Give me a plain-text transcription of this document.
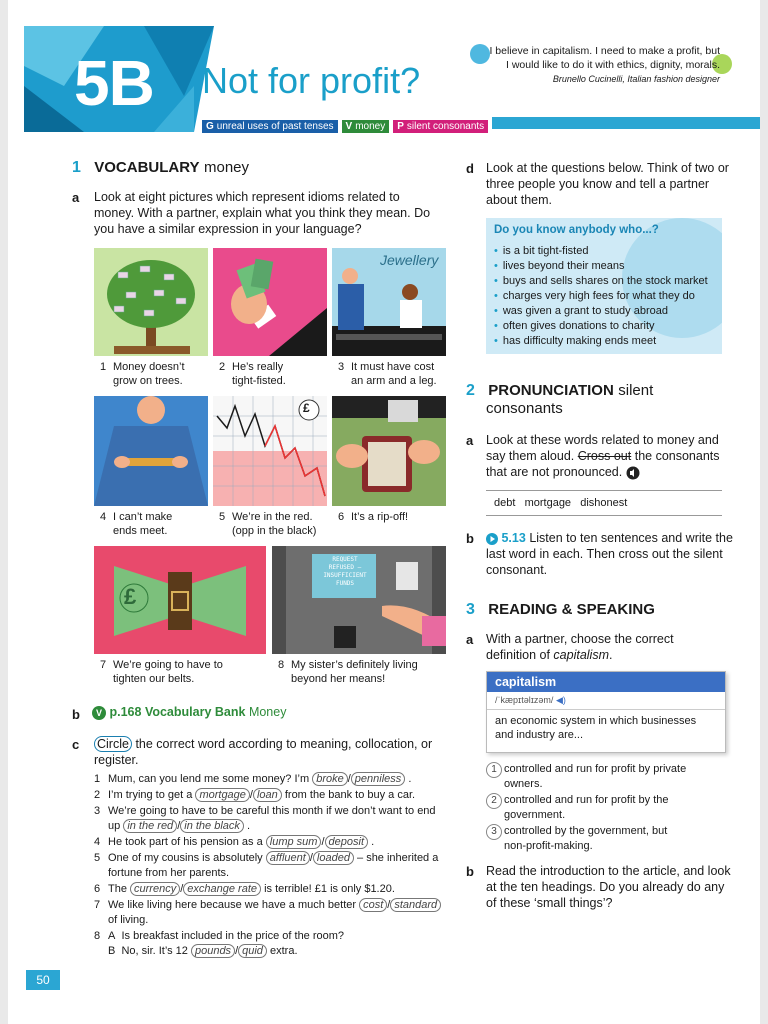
5B Not for profit?
I believe in capitalism. I need to make a profit, but
I would like to do it with ethics, dignity, morals.
Brunello Cucinelli, Italian fashion designer
G unreal uses of past tenses V money P silent consonants
1 VOCABULARY money
a Look at eight pictures which represent idioms related to money. With a partner, explain what you think they mean. Do you have a similar expression in your language?
Jewellery
1 Money doesn’t
grow on trees.
2 He’s really
tight-fisted.
3 It must have cost
an arm and a leg.
£
4 I can’t make
ends meet.
5 We’re in the red.
(opp in the black)
6 It’s a rip-off!
£
REQUEST REFUSED – INSUFFICIENT FUNDS
7 We’re going to have to
tighten our belts.
8 My sister’s definitely living
beyond her means!
b	V p.168 Vocabulary Bank Money
c Circle the correct word according to meaning, collocation, or register.
1 Mum, can you lend me some money? I’m broke / penniless .
2 I’m trying to get a mortgage / loan from the bank to buy a car.
3 We’re going to have to be careful this month if we don’t want to end up in the red / in the black .
4 He took part of his pension as a lump sum / deposit .
5 One of my cousins is absolutely affluent / loaded – she inherited a fortune from her parents.
6 The currency / exchange rate is terrible! £1 is only $1.20.
7 We like living here because we have a much better cost / standard of living.
8 A Is breakfast included in the price of the room?
B No, sir. It’s 12 pounds / quid extra.
d Look at the questions below. Think of two or three people you know and tell a partner about them.
Do you know anybody who...?
• is a bit tight-fisted
• lives beyond their means
• buys and sells shares on the stock market
• charges very high fees for what they do
• was given a grant to study abroad
• often gives donations to charity
• has difficulty making ends meet
2 PRONUNCIATION silent
consonants
a Look at these words related to money and say them aloud. Cross out the consonants that are not pronounced.
debt   mortgage   dishonest
b	5.13 Listen to ten sentences and write the last word in each. Then cross out the silent consonant.
3 READING & SPEAKING
a With a partner, choose the correct definition of capitalism.
capitalism
/ˈkæpɪtəlɪzəm/ ◀)
an economic system in which businesses and industry are...
1 controlled and run for profit by private
owners.
2 controlled and run for profit by the
government.
3 controlled by the government, but
non-profit-making.
b Read the introduction to the article, and look at the ten headings. Do you already do any of these ‘small things’?
50
